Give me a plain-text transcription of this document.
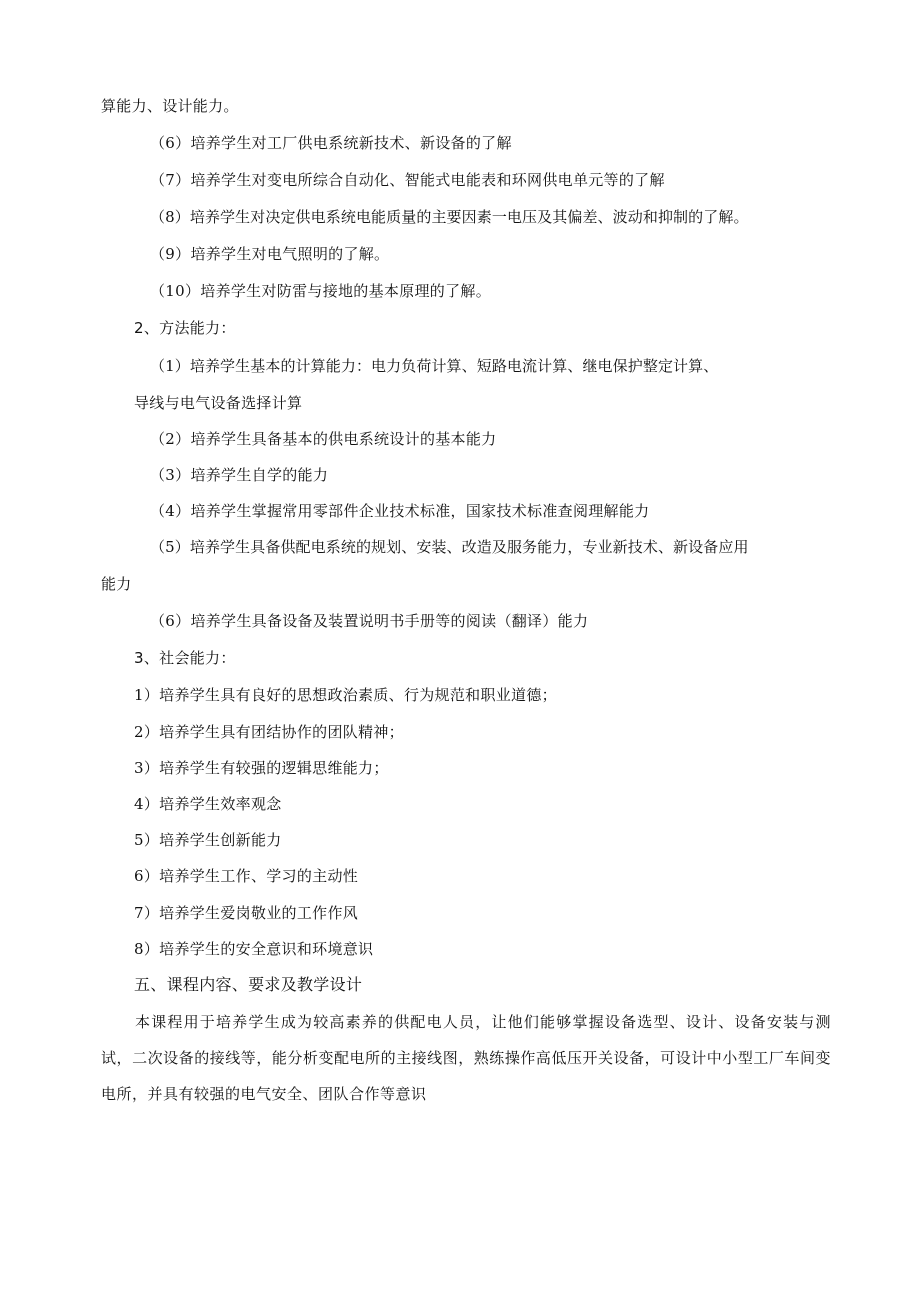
算能力、设计能力。
（6）培养学生对工厂供电系统新技术、新设备的了解
（7）培养学生对变电所综合自动化、智能式电能表和环网供电单元等的了解
（8）培养学生对决定供电系统电能质量的主要因素一电压及其偏差、波动和抑制的了解。
（9）培养学生对电气照明的了解。
（10）培养学生对防雷与接地的基本原理的了解。
2、方法能力：
（1）培养学生基本的计算能力：电力负荷计算、短路电流计算、继电保护整定计算、
导线与电气设备选择计算
（2）培养学生具备基本的供电系统设计的基本能力
（3）培养学生自学的能力
（4）培养学生掌握常用零部件企业技术标准，国家技术标准查阅理解能力
（5）培养学生具备供配电系统的规划、安装、改造及服务能力，专业新技术、新设备应用
能力
（6）培养学生具备设备及装置说明书手册等的阅读（翻译）能力
3、社会能力：
1）培养学生具有良好的思想政治素质、行为规范和职业道德；
2）培养学生具有团结协作的团队精神；
3）培养学生有较强的逻辑思维能力；
4）培养学生效率观念
5）培养学生创新能力
6）培养学生工作、学习的主动性
7）培养学生爱岗敬业的工作作风
8）培养学生的安全意识和环境意识
五、课程内容、要求及教学设计
本课程用于培养学生成为较高素养的供配电人员，让他们能够掌握设备选型、设计、设备安装与测试，二次设备的接线等，能分析变配电所的主接线图，熟练操作高低压开关设备，可设计中小型工厂车间变电所，并具有较强的电气安全、团队合作等意识
